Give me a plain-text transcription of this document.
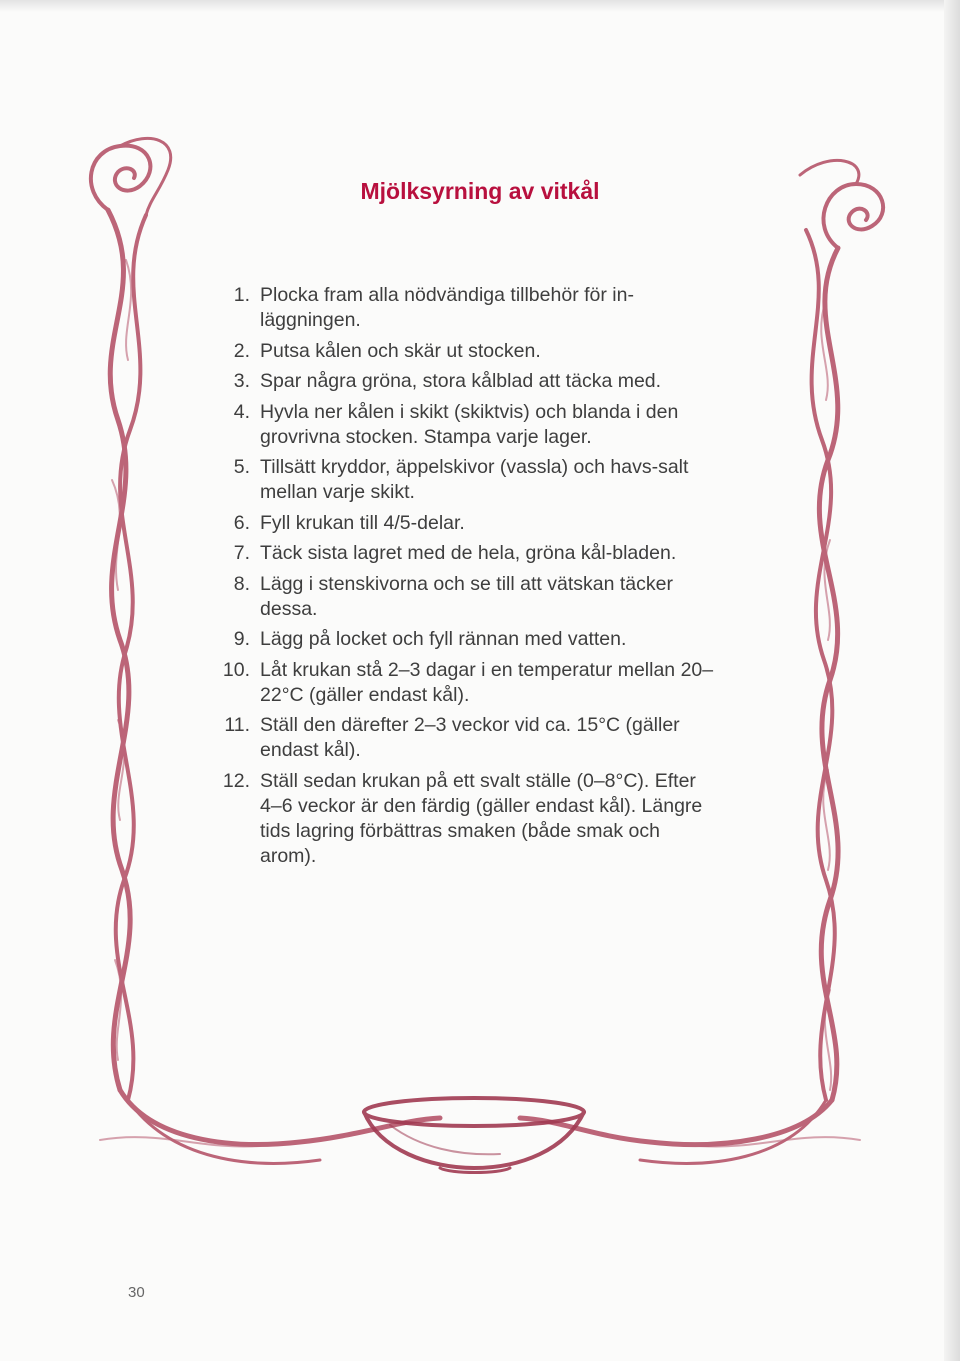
Mjölksyrning av vitkål
1. Plocka fram alla nödvändiga tillbehör för in-läggningen.
2. Putsa kålen och skär ut stocken.
3. Spar några gröna, stora kålblad att täcka med.
4. Hyvla ner kålen i skikt (skiktvis) och blanda i den grovrivna stocken. Stampa varje lager.
5. Tillsätt kryddor, äppelskivor (vassla) och havs-salt mellan varje skikt.
6. Fyll krukan till 4/5-delar.
7. Täck sista lagret med de hela, gröna kål-bladen.
8. Lägg i stenskivorna och se till att vätskan täcker dessa.
9. Lägg på locket och fyll rännan med vatten.
10. Låt krukan stå 2–3 dagar i en temperatur mellan 20–22°C (gäller endast kål).
11. Ställ den därefter 2–3 veckor vid ca. 15°C (gäller endast kål).
12. Ställ sedan krukan på ett svalt ställe (0–8°C). Efter 4–6 veckor är den färdig (gäller endast kål). Längre tids lagring förbättras smaken (både smak och arom).
30
